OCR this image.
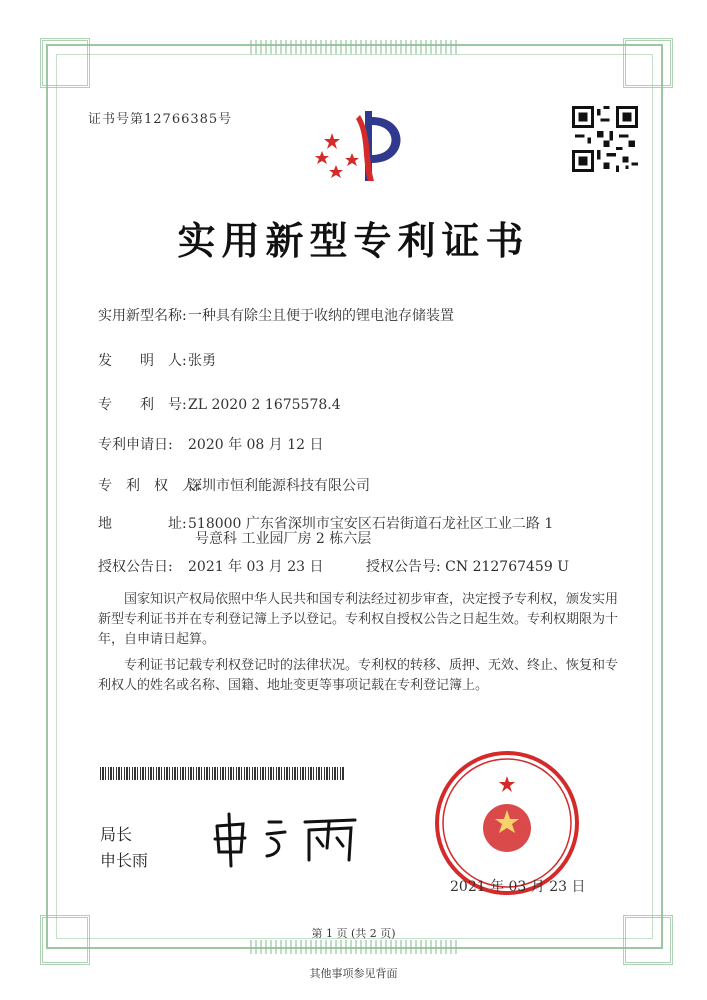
证书号第12766385号
实用新型专利证书
实用新型名称:一种具有除尘且便于收纳的锂电池存储装置
发　　明　人:张勇
专　　利　号:ZL 2020 2 1675578.4
专利申请日: 2020 年 08 月 12 日
专　利　权　人:深圳市恒利能源科技有限公司
地　　　　址:518000 广东省深圳市宝安区石岩街道石龙社区工业二路 1
号意科 工业园厂房 2 栋六层
授权公告日: 2021 年 03 月 23 日	授权公告号: CN 212767459 U
国家知识产权局依照中华人民共和国专利法经过初步审查，决定授予专利权，颁发实用新型专利证书并在专利登记簿上予以登记。专利权自授权公告之日起生效。专利权期限为十年，自申请日起算。
专利证书记载专利权登记时的法律状况。专利权的转移、质押、无效、终止、恢复和专利权人的姓名或名称、国籍、地址变更等事项记载在专利登记簿上。
局长
申长雨
2021 年 03 月 23 日
第 1 页 (共 2 页)
其他事项参见背面
